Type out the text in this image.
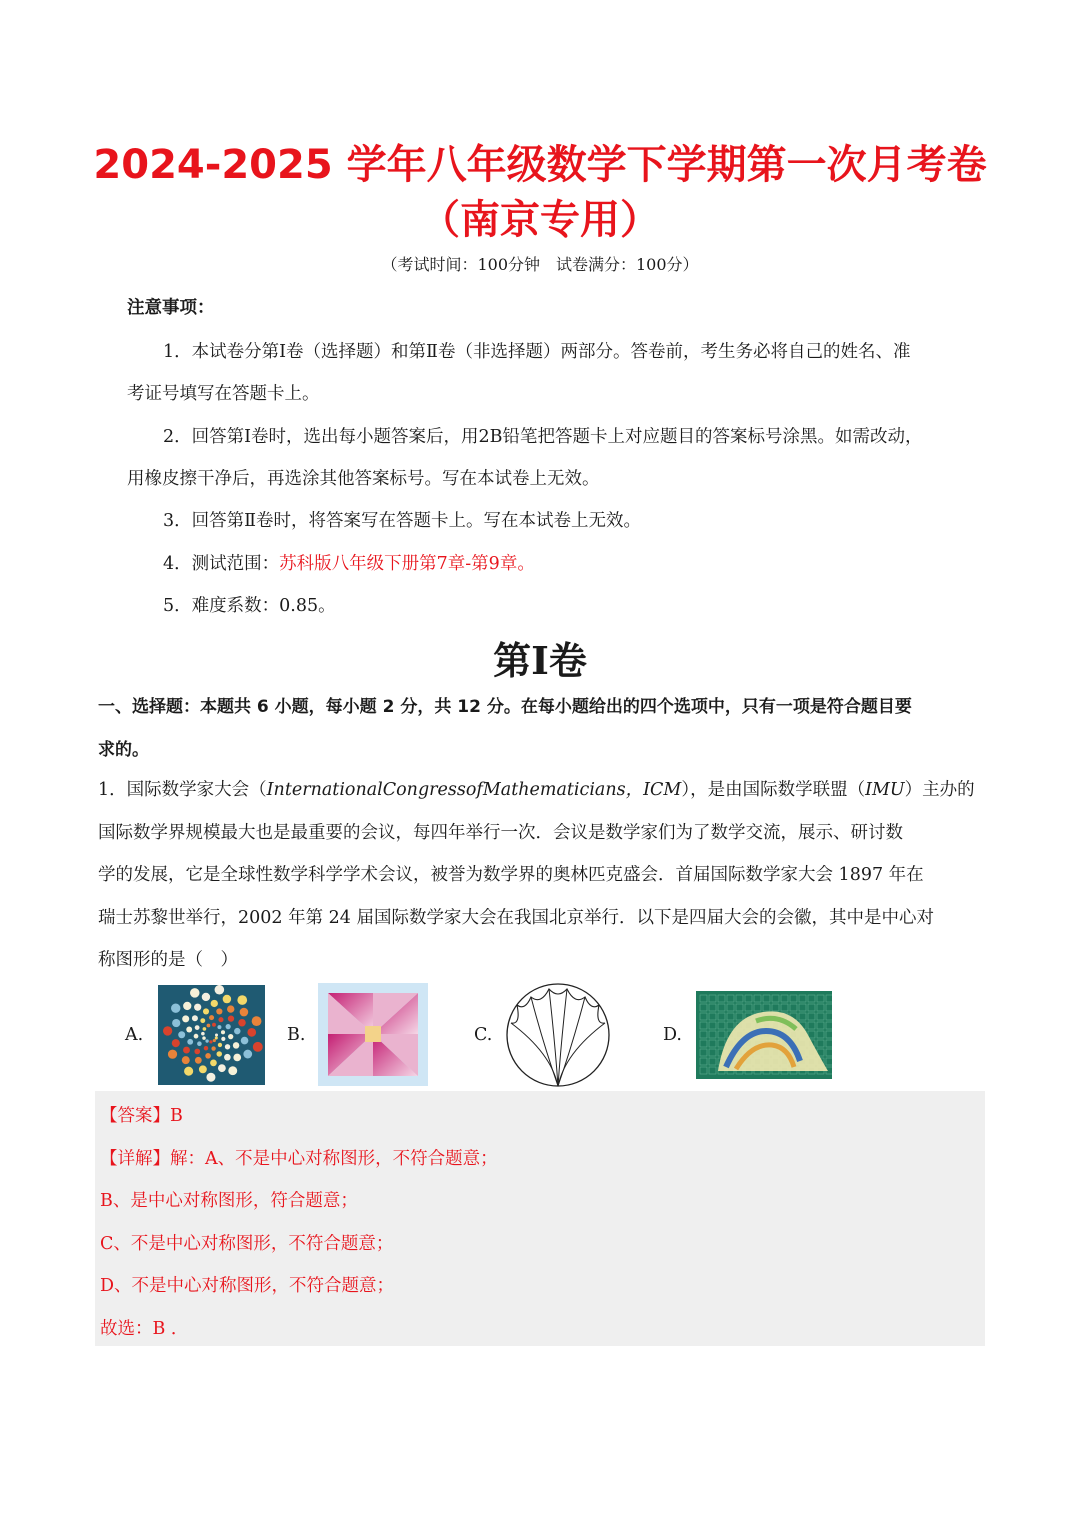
2024-2025 学年八年级数学下学期第一次月考卷
（南京专用）
（考试时间：100分钟　试卷满分：100分）
注意事项：
1．本试卷分第Ⅰ卷（选择题）和第Ⅱ卷（非选择题）两部分。答卷前，考生务必将自己的姓名、准
考证号填写在答题卡上。
2．回答第Ⅰ卷时，选出每小题答案后，用2B铅笔把答题卡上对应题目的答案标号涂黑。如需改动，
用橡皮擦干净后，再选涂其他答案标号。写在本试卷上无效。
3．回答第Ⅱ卷时，将答案写在答题卡上。写在本试卷上无效。
4．测试范围：苏科版八年级下册第7章-第9章。
5．难度系数：0.85。
第Ⅰ卷
一、选择题：本题共 6 小题，每小题 2 分，共 12 分。在每小题给出的四个选项中，只有一项是符合题目要
求的。
1．国际数学家大会（InternationalCongressofMathematicians，ICM），是由国际数学联盟（IMU）主办的
国际数学界规模最大也是最重要的会议，每四年举行一次．会议是数学家们为了数学交流，展示、研讨数
学的发展，它是全球性数学科学学术会议，被誉为数学界的奥林匹克盛会．首届国际数学家大会 1897 年在
瑞士苏黎世举行，2002 年第 24 届国际数学家大会在我国北京举行．以下是四届大会的会徽，其中是中心对
称图形的是（　）
A.	B.	C.	D.
【答案】B
【详解】解：A、不是中心对称图形，不符合题意；
B、是中心对称图形，符合题意；
C、不是中心对称图形，不符合题意；
D、不是中心对称图形，不符合题意；
故选：B ．
